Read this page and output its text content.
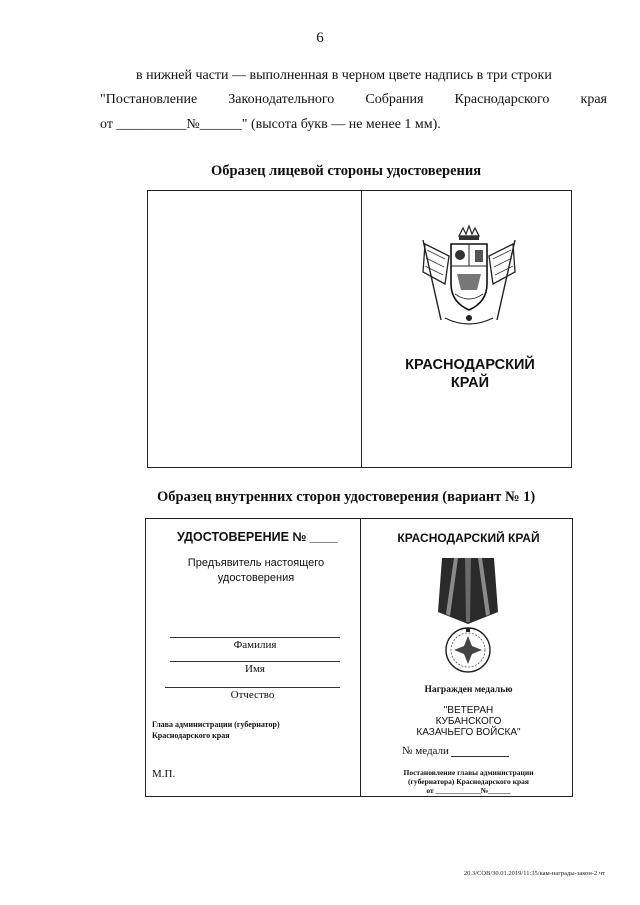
6
в нижней части — выполненная в черном цвете надпись в три строки
"Постановление Законодательного Собрания Краснодарского края
от __________№______" (высота букв — не менее 1 мм).
Образец лицевой стороны удостоверения
КРАСНОДАРСКИЙ
КРАЙ
Образец внутренних сторон удостоверения (вариант № 1)
УДОСТОВЕРЕНИЕ № ____
Предъявитель настоящего
удостоверения
Фамилия
Имя
Отчество
Глава администрации (губернатор)
Краснодарского края
М.П.
КРАСНОДАРСКИЙ КРАЙ
Награжден медалью
"ВЕТЕРАН
КУБАНСКОГО
КАЗАЧЬЕГО ВОЙСКА"
№ медали
Постановление главы администрации
(губернатора) Краснодарского края
от ____________№______
20.3/СОВ/30.01.2019/11:35/кам-награды-закон-2 чт
